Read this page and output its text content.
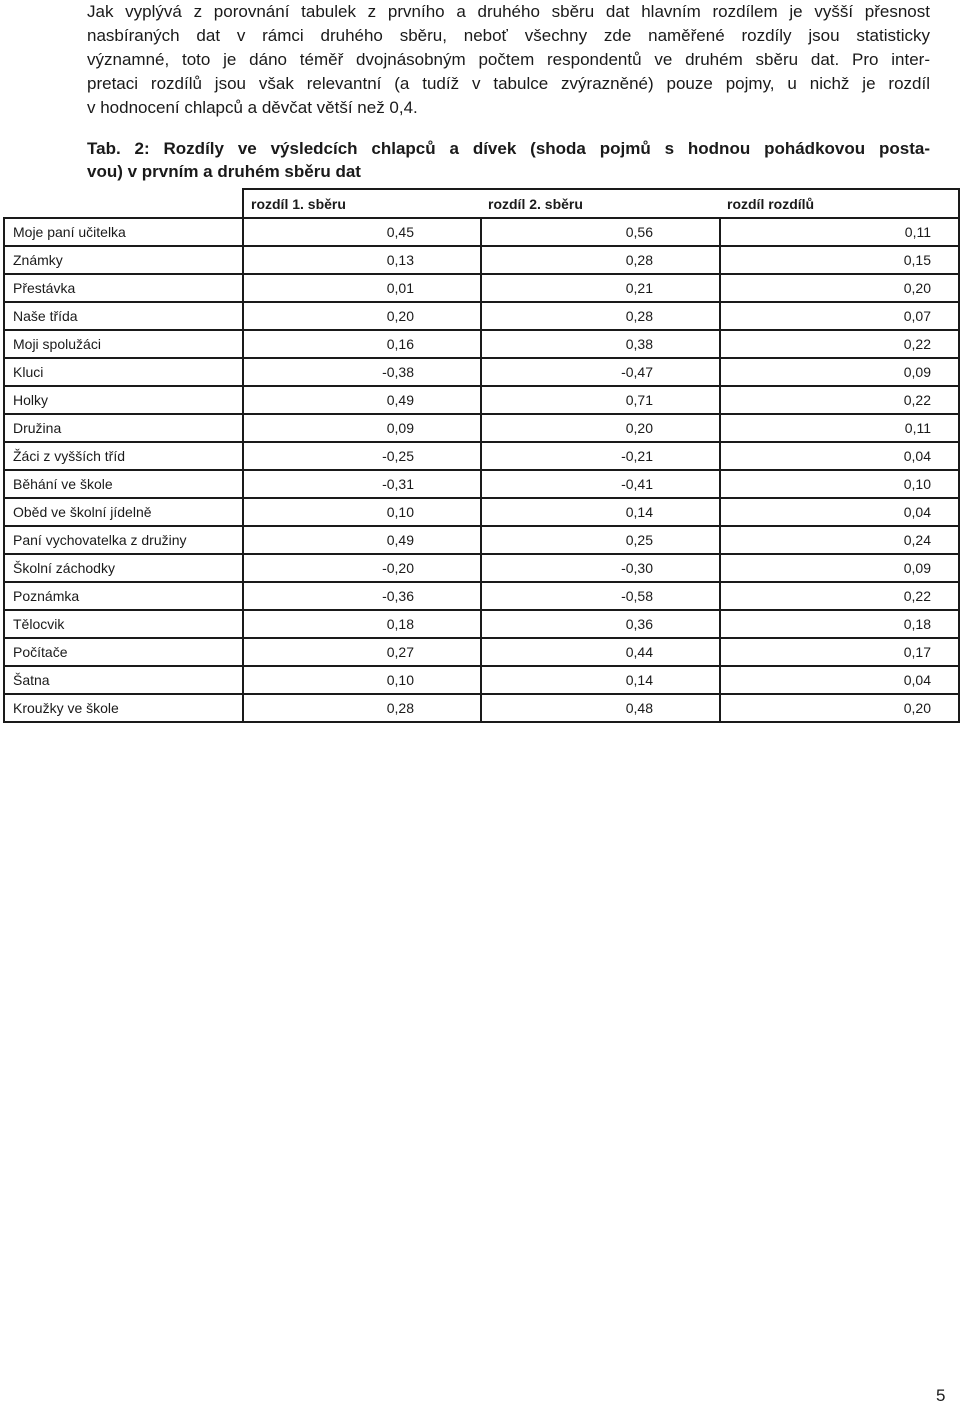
Jak vyplývá z porovnání tabulek z prvního a druhého sběru dat hlavním rozdílem je vyšší přesnost
nasbíraných dat v rámci druhého sběru, neboť všechny zde naměřené rozdíly jsou statisticky
významné, toto je dáno téměř dvojnásobným počtem respondentů ve druhém sběru dat. Pro inter-
pretaci rozdílů jsou však relevantní (a tudíž v tabulce zvýrazněné) pouze pojmy, u nichž je rozdíl
v hodnocení chlapců a děvčat větší než 0,4.
Tab. 2: Rozdíly ve výsledcích chlapců a dívek (shoda pojmů s hodnou pohádkovou posta-
vou) v prvním a druhém sběru dat
	rozdíl 1. sběru	rozdíl 2. sběru	rozdíl rozdílů
Moje paní učitelka	0,45	0,56	0,11
Známky	0,13	0,28	0,15
Přestávka	0,01	0,21	0,20
Naše třída	0,20	0,28	0,07
Moji spolužáci	0,16	0,38	0,22
Kluci	-0,38	-0,47	0,09
Holky	0,49	0,71	0,22
Družina	0,09	0,20	0,11
Žáci z vyšších tříd	-0,25	-0,21	0,04
Běhání ve škole	-0,31	-0,41	0,10
Oběd ve školní jídelně	0,10	0,14	0,04
Paní vychovatelka z družiny	0,49	0,25	0,24
Školní záchodky	-0,20	-0,30	0,09
Poznámka	-0,36	-0,58	0,22
Tělocvik	0,18	0,36	0,18
Počítače	0,27	0,44	0,17
Šatna	0,10	0,14	0,04
Kroužky ve škole	0,28	0,48	0,20
5
